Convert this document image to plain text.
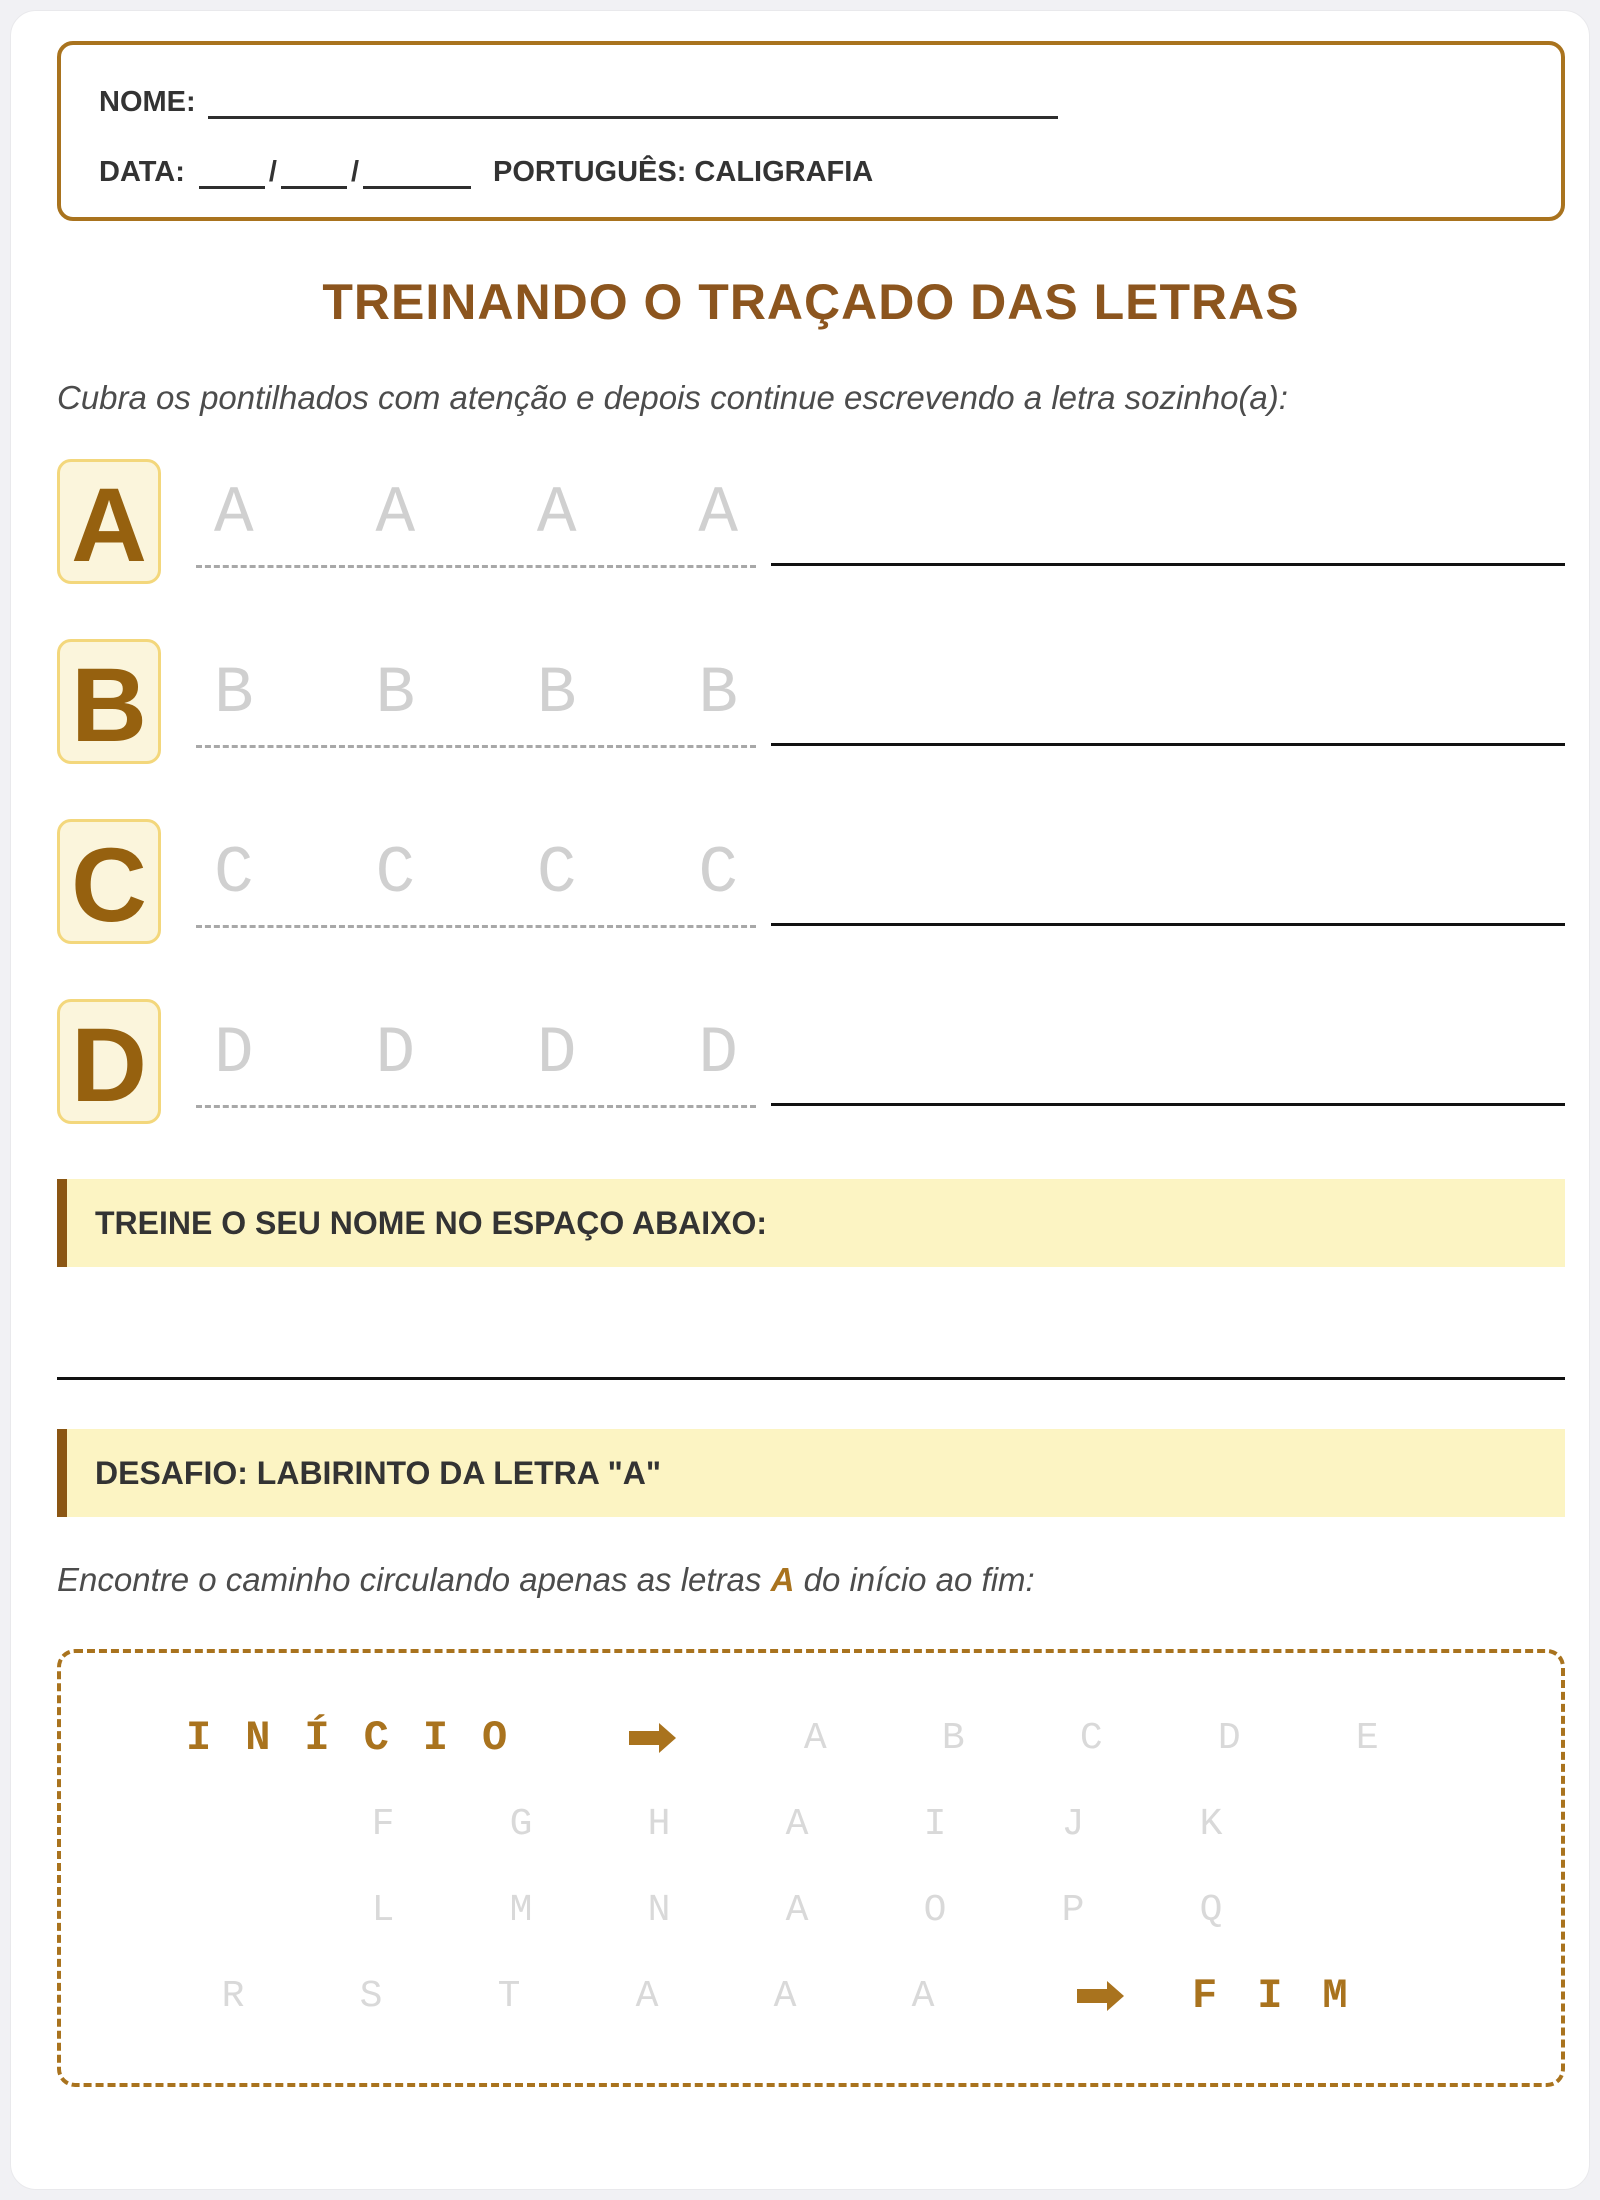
NOME:
DATA:	/	/	PORTUGUÊS: CALIGRAFIA
TREINANDO O TRAÇADO DAS LETRAS
Cubra os pontilhados com atenção e depois continue escrevendo a letra sozinho(a):
A A A A A
B B B B B
C C C C C
D D D D D
TREINE O SEU NOME NO ESPAÇO ABAIXO:
DESAFIO: LABIRINTO DA LETRA "A"
Encontre o caminho circulando apenas as letras A do início ao fim:
INÍCIO	A	B	C	D	E
F	G	H	A	I	J	K
L	M	N	A	O	P	Q
R	S	T	A	A	A	FIM
